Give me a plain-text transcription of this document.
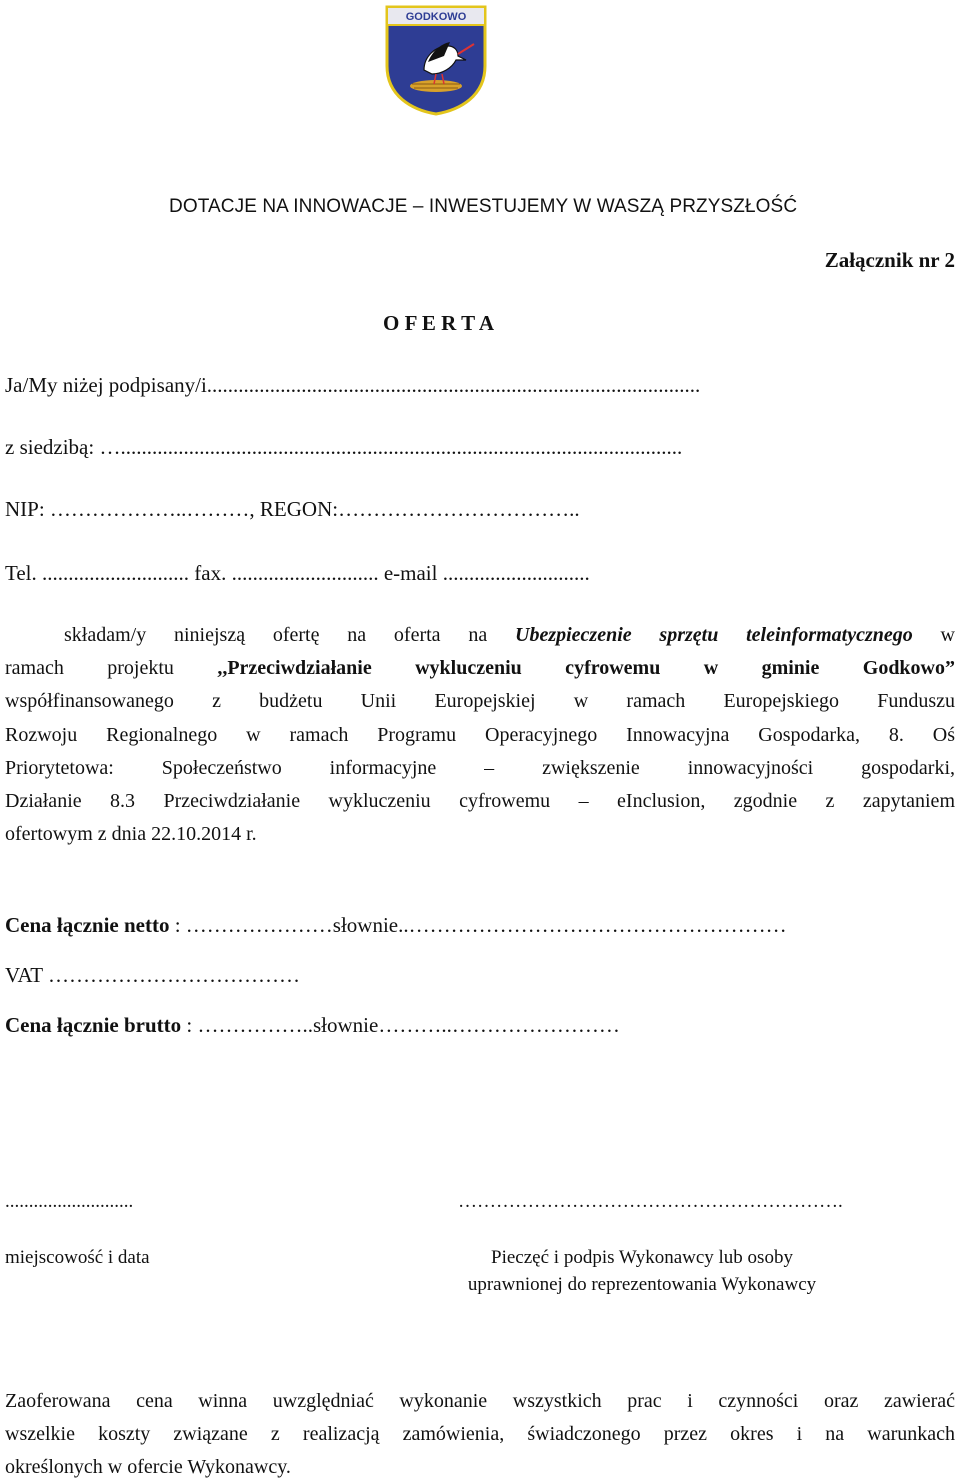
GODKOWO
DOTACJE NA INNOWACJE – INWESTUJEMY W WASZĄ PRZYSZŁOŚĆ
Załącznik nr 2
O F E R T A
Ja/My niżej podpisany/i..............................................................................................
z siedzibą: …...........................................................................................................
NIP: ………………..………, REGON:……………………………..
Tel. ............................ fax. ............................ e-mail ............................
składam/y niniejszą ofertę na oferta na Ubezpieczenie sprzętu teleinformatycznego w
ramach projektu ,,Przeciwdziałanie wykluczeniu cyfrowemu w gminie Godkowo”
współfinansowanego z budżetu Unii Europejskiej w ramach Europejskiego Funduszu
Rozwoju Regionalnego w ramach Programu Operacyjnego Innowacyjna Gospodarka, 8. Oś
Priorytetowa: Społeczeństwo informacyjne – zwiększenie innowacyjności gospodarki,
Działanie 8.3 Przeciwdziałanie wykluczeniu cyfrowemu – eInclusion, zgodnie z zapytaniem
ofertowym z dnia 22.10.2014 r.
Cena łącznie netto : …………………słownie..………………………………………………
VAT ………………………………
Cena łącznie brutto : ……………..słownie………..……………………
...........................	…………………………………………………….
miejscowość i data	Pieczęć i podpis Wykonawcy lub osoby
uprawnionej do reprezentowania Wykonawcy
Zaoferowana cena winna uwzględniać wykonanie wszystkich prac i czynności oraz zawierać
wszelkie koszty związane z realizacją zamówienia, świadczonego przez okres i na warunkach
określonych w ofercie Wykonawcy.
